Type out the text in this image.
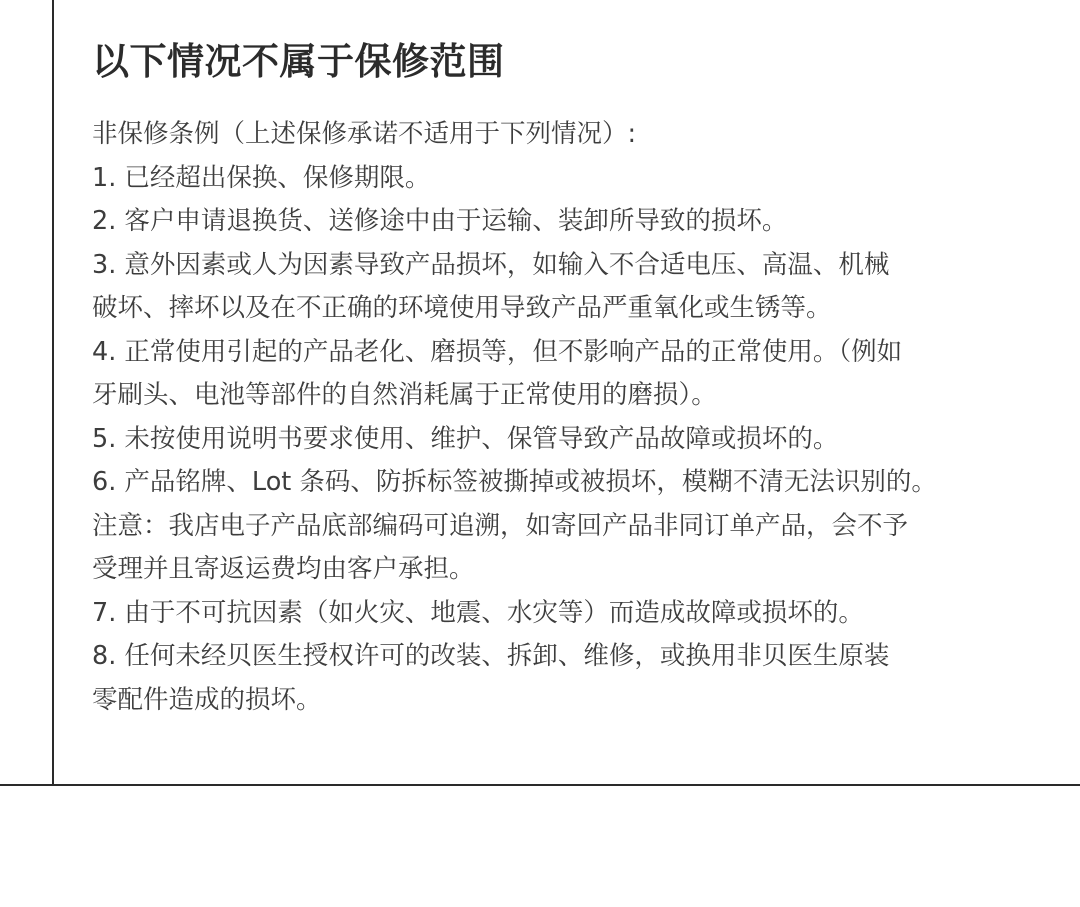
以下情况不属于保修范围
非保修条例（上述保修承诺不适用于下列情况）:
1. 已经超出保换、保修期限。
2. 客户申请退换货、送修途中由于运输、装卸所导致的损坏。
3. 意外因素或人为因素导致产品损坏，如输入不合适电压、高温、机械
破坏、摔坏以及在不正确的环境使用导致产品严重氧化或生锈等。
4. 正常使用引起的产品老化、磨损等，但不影响产品的正常使用。（例如
牙刷头、电池等部件的自然消耗属于正常使用的磨损）。
5. 未按使用说明书要求使用、维护、保管导致产品故障或损坏的。
6. 产品铭牌、Lot 条码、防拆标签被撕掉或被损坏，模糊不清无法识别的。
注意：我店电子产品底部编码可追溯，如寄回产品非同订单产品，会不予
受理并且寄返运费均由客户承担。
7. 由于不可抗因素（如火灾、地震、水灾等）而造成故障或损坏的。
8. 任何未经贝医生授权许可的改装、拆卸、维修，或换用非贝医生原装
零配件造成的损坏。
